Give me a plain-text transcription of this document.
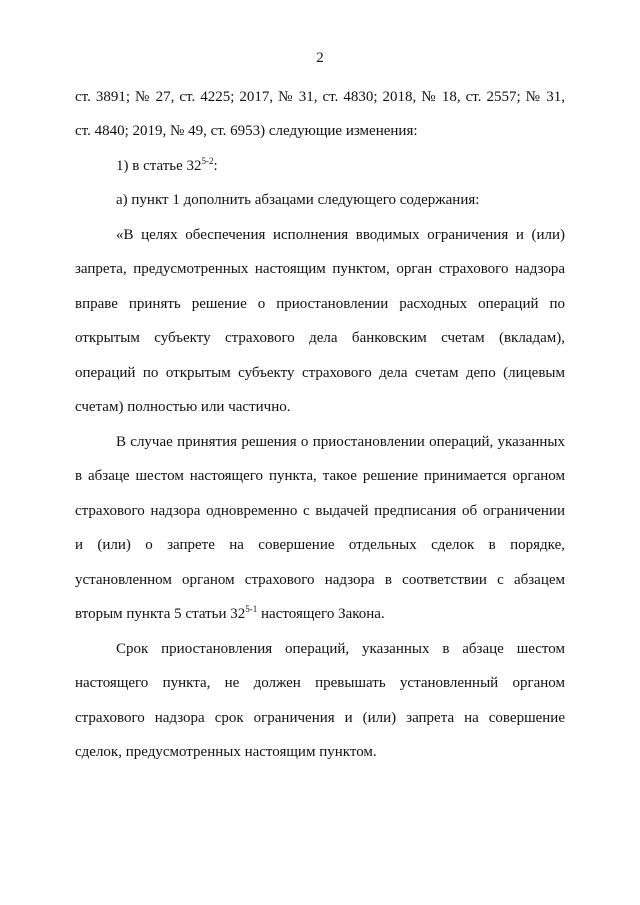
2
ст. 3891; № 27, ст. 4225; 2017, № 31, ст. 4830; 2018, № 18, ст. 2557; № 31,
ст. 4840; 2019, № 49, ст. 6953) следующие изменения:
1) в статье 32$^{5-2}$:
а) пункт 1 дополнить абзацами следующего содержания:
«В целях обеспечения исполнения вводимых ограничения и (или)
запрета, предусмотренных настоящим пунктом, орган страхового надзора
вправе принять решение о приостановлении расходных операций по
открытым субъекту страхового дела банковским счетам (вкладам),
операций по открытым субъекту страхового дела счетам депо (лицевым
счетам) полностью или частично.
В случае принятия решения о приостановлении операций, указанных
в абзаце шестом настоящего пункта, такое решение принимается органом
страхового надзора одновременно с выдачей предписания об ограничении
и (или) о запрете на совершение отдельных сделок в порядке,
установленном органом страхового надзора в соответствии с абзацем
вторым пункта 5 статьи 32$^{5-1}$ настоящего Закона.
Срок приостановления операций, указанных в абзаце шестом
настоящего пункта, не должен превышать установленный органом
страхового надзора срок ограничения и (или) запрета на совершение
сделок, предусмотренных настоящим пунктом.
